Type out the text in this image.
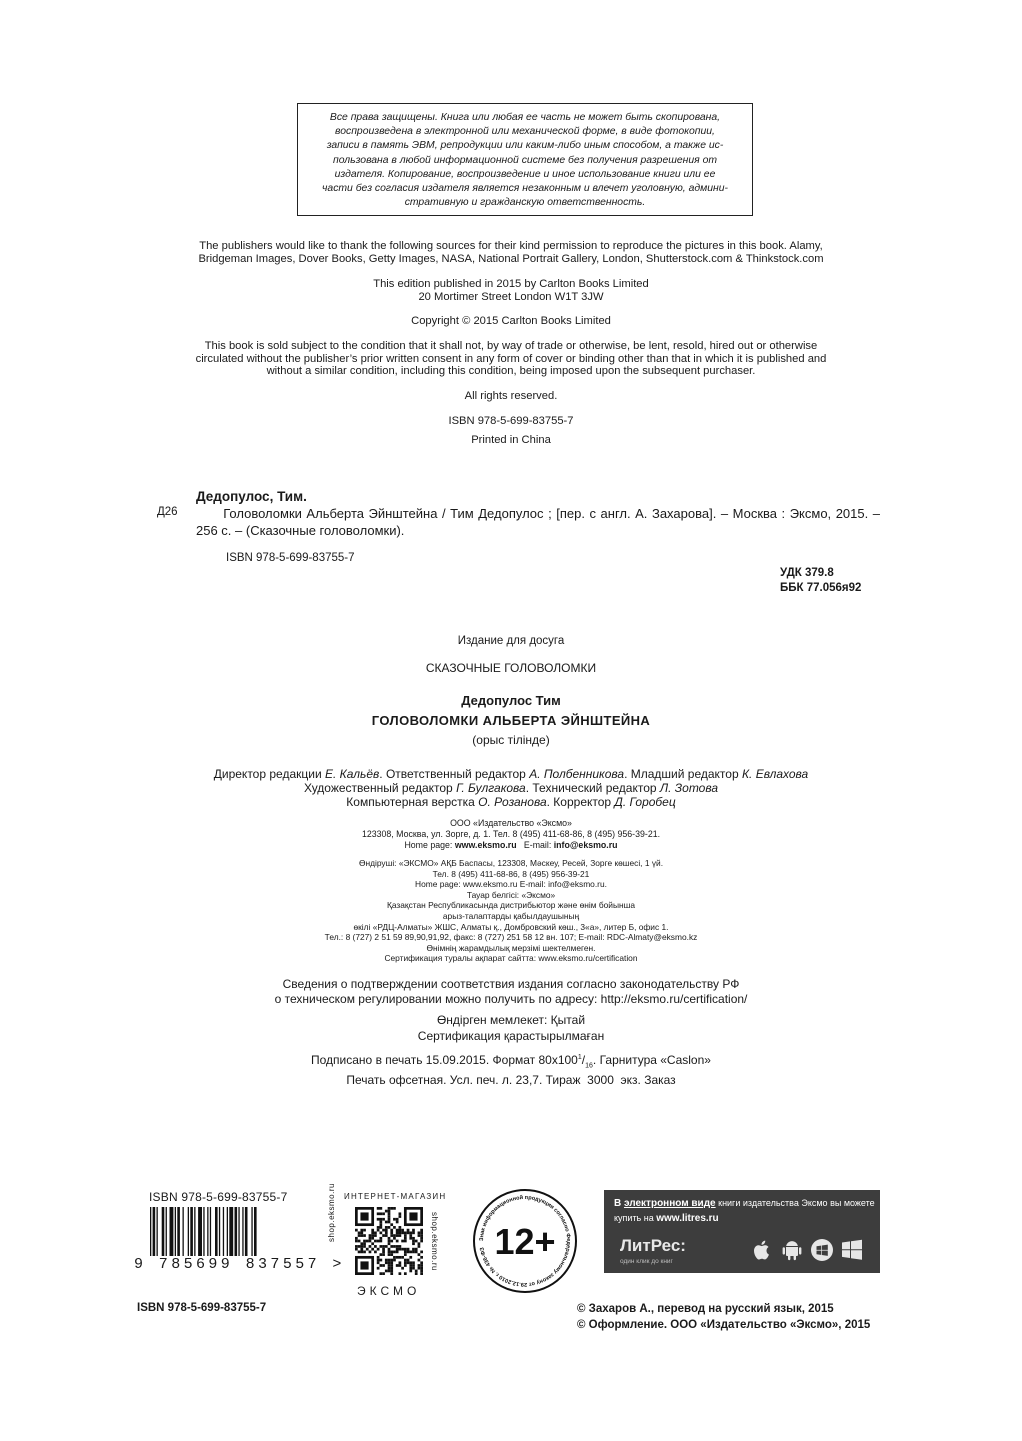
Все права защищены. Книга или любая ее часть не может быть скопирована,
воспроизведена в электронной или механической форме, в виде фотокопии,
записи в память ЭВМ, репродукции или каким-либо иным способом, а также ис-
пользована в любой информационной системе без получения разрешения от
издателя. Копирование, воспроизведение и иное использование книги или ее
части без согласия издателя является незаконным и влечет уголовную, админи-
стративную и гражданскую ответственность.
The publishers would like to thank the following sources for their kind permission to reproduce the pictures in this book. Alamy,
Bridgeman Images, Dover Books, Getty Images, NASA, National Portrait Gallery, London, Shutterstock.com & Thinkstock.com
This edition published in 2015 by Carlton Books Limited
20 Mortimer Street London W1T 3JW
Copyright © 2015 Carlton Books Limited
This book is sold subject to the condition that it shall not, by way of trade or otherwise, be lent, resold, hired out or otherwise
circulated without the publisher’s prior written consent in any form of cover or binding other than that in which it is published and
without a similar condition, including this condition, being imposed upon the subsequent purchaser.
All rights reserved.
ISBN 978-5-699-83755-7
Printed in China
Дедопулос, Тим.
Д26	Головоломки Альберта Эйнштейна / Тим Дедопулос ; [пер. с англ. А. Захарова]. – Москва : Эксмо, 2015. – 256 с. – (Сказочные головоломки).
ISBN 978-5-699-83755-7
УДК 379.8
ББК 77.056я92
Издание для досуга
СКАЗОЧНЫЕ ГОЛОВОЛОМКИ
Дедопулос Тим
ГОЛОВОЛОМКИ АЛЬБЕРТА ЭЙНШТЕЙНА
(орыс тілінде)
Директор редакции Е. Кальёв. Ответственный редактор А. Полбенникова. Младший редактор К. Евлахова
Художественный редактор Г. Булгакова. Технический редактор Л. Зотова
Компьютерная верстка О. Розанова. Корректор Д. Горобец
ООО «Издательство «Эксмо»
123308, Москва, ул. Зорге, д. 1. Тел. 8 (495) 411-68-86, 8 (495) 956-39-21.
Home page: www.eksmo.ru   E-mail: info@eksmo.ru
Өндіруші: «ЭКСМО» АҚБ Баспасы, 123308, Мәскеу, Ресей, Зорге көшесі, 1 үй.
Тел. 8 (495) 411-68-86, 8 (495) 956-39-21
Home page: www.eksmo.ru E-mail: info@eksmo.ru.
Тауар белгісі: «Эксмо»
Қазақстан Республикасында дистрибьютор және өнім бойынша
арыз-талаптарды қабылдаушының
өкілі «РДЦ-Алматы» ЖШС, Алматы қ., Домбровский көш., 3«а», литер Б, офис 1.
Тел.: 8 (727) 2 51 59 89,90,91,92, факс: 8 (727) 251 58 12 вн. 107; E-mail: RDC-Almaty@eksmo.kz
Өнімнің жарамдылық мерзімі шектелмеген.
Сертификация туралы ақпарат сайтта: www.eksmo.ru/certification
Сведения о подтверждении соответствия издания согласно законодательству РФ
о техническом регулировании можно получить по адресу: http://eksmo.ru/certification/
Өндірген мемлекет: Қытай
Сертификация қарастырылмаған
Подписано в печать 15.09.2015. Формат $80x100^1/_{16}$. Гарнитура «Caslon»
Печать офсетная. Усл. печ. л. 23,7. Тираж  3000  экз. Заказ
ISBN 978-5-699-83755-7
9 785699 837557 >
ИНТЕРНЕТ-МАГАЗИН
shop.eksmo.ru	shop.eksmo.ru
ЭКСМО
Знак информационной продукции согласно Федеральному закону от 29.12.2010 г. № 436-ФЗ 12+
В электронном виде книги издательства Эксмо вы можете
купить на www.litres.ru
ЛитРес:
один клик до книг
ISBN 978-5-699-83755-7	© Захаров А., перевод на русский язык, 2015
© Оформление. ООО «Издательство «Эксмо», 2015
